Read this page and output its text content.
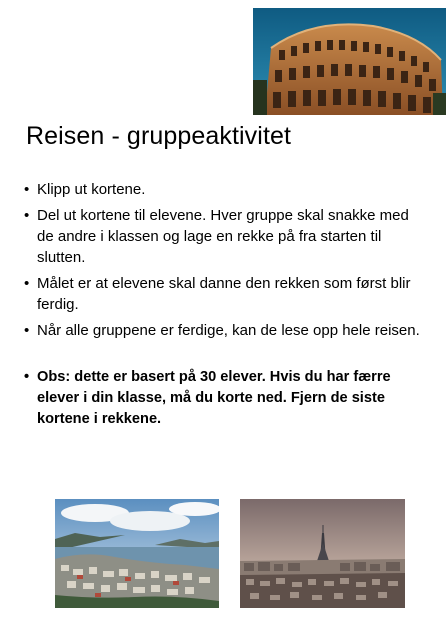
Reisen - gruppeaktivitet
• Klipp ut kortene.
• Del ut kortene til elevene. Hver gruppe skal snakke med de andre i klassen og lage en rekke på fra starten til slutten.
• Målet er at elevene skal danne den rekken som først blir ferdig.
• Når alle gruppene er ferdige, kan de lese opp hele reisen.
• Obs: dette er basert på 30 elever. Hvis du har færre elever i din klasse, må du korte ned. Fjern de siste kortene i rekkene.
